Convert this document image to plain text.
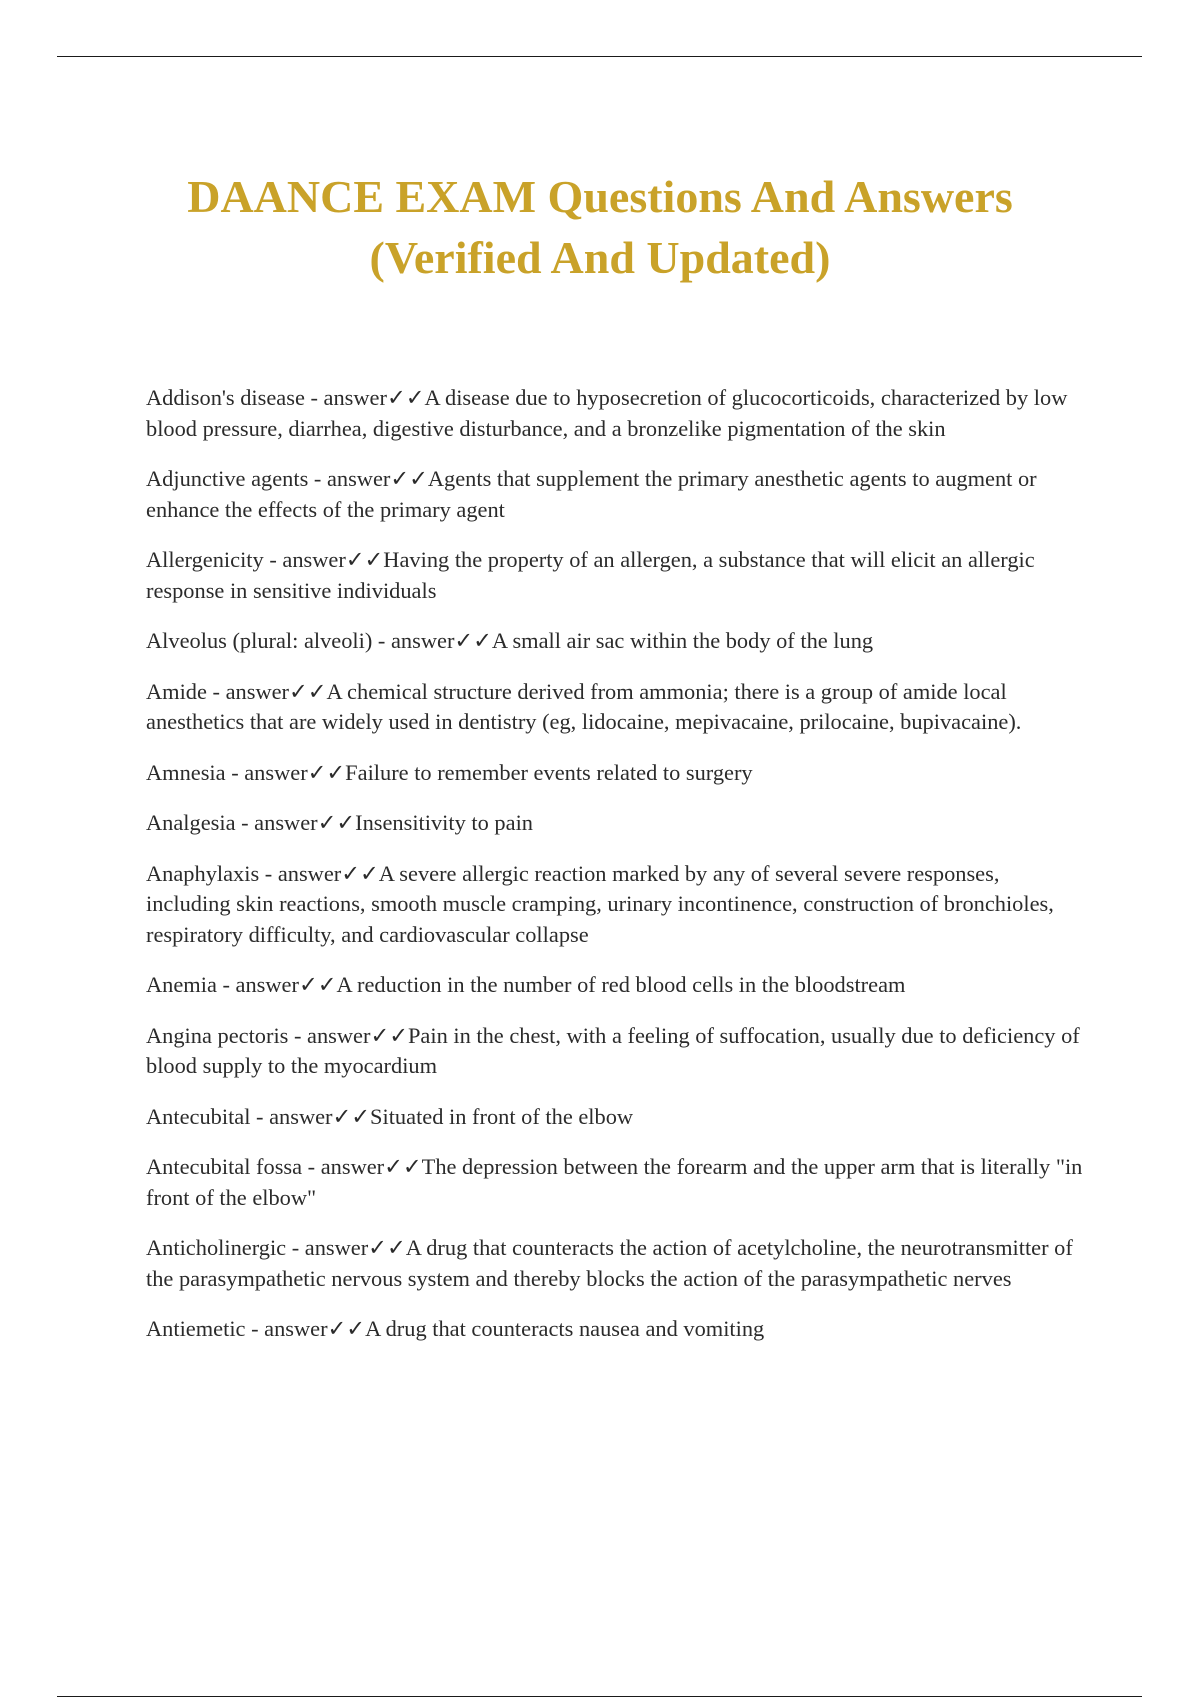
DAANCE EXAM Questions And Answers
(Verified And Updated)
Addison's disease - answer✓✓A disease due to hyposecretion of glucocorticoids, characterized by low blood pressure, diarrhea, digestive disturbance, and a bronzelike pigmentation of the skin
Adjunctive agents - answer✓✓Agents that supplement the primary anesthetic agents to augment or enhance the effects of the primary agent
Allergenicity - answer✓✓Having the property of an allergen, a substance that will elicit an allergic response in sensitive individuals
Alveolus (plural: alveoli) - answer✓✓A small air sac within the body of the lung
Amide - answer✓✓A chemical structure derived from ammonia; there is a group of amide local anesthetics that are widely used in dentistry (eg, lidocaine, mepivacaine, prilocaine, bupivacaine).
Amnesia - answer✓✓Failure to remember events related to surgery
Analgesia - answer✓✓Insensitivity to pain
Anaphylaxis - answer✓✓A severe allergic reaction marked by any of several severe responses, including skin reactions, smooth muscle cramping, urinary incontinence, construction of bronchioles, respiratory difficulty, and cardiovascular collapse
Anemia - answer✓✓A reduction in the number of red blood cells in the bloodstream
Angina pectoris - answer✓✓Pain in the chest, with a feeling of suffocation, usually due to deficiency of blood supply to the myocardium
Antecubital - answer✓✓Situated in front of the elbow
Antecubital fossa - answer✓✓The depression between the forearm and the upper arm that is literally "in front of the elbow"
Anticholinergic - answer✓✓A drug that counteracts the action of acetylcholine, the neurotransmitter of the parasympathetic nervous system and thereby blocks the action of the parasympathetic nerves
Antiemetic - answer✓✓A drug that counteracts nausea and vomiting
